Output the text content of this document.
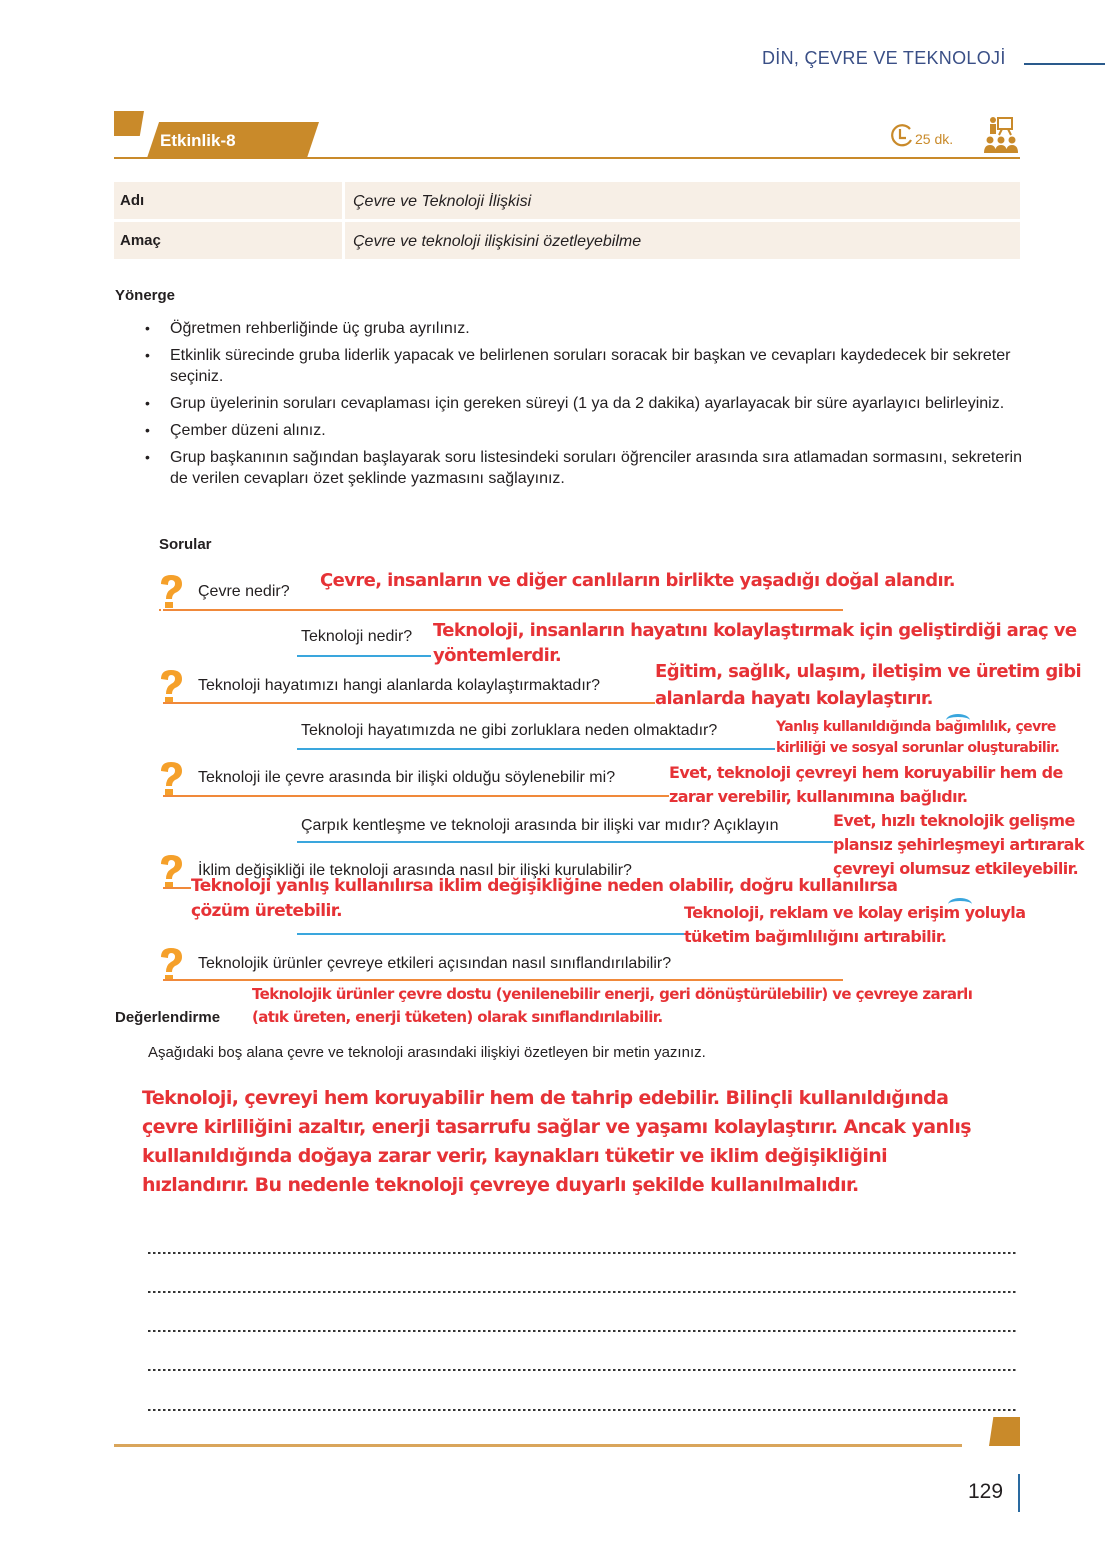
DİN, ÇEVRE VE TEKNOLOJİ
Etkinlik-8	25 dk.
Adı	Çevre ve Teknoloji İlişkisi
Amaç	Çevre ve teknoloji ilişkisini özetleyebilme
Yönerge
• Öğretmen rehberliğinde üç gruba ayrılınız.
• Etkinlik sürecinde gruba liderlik yapacak ve belirlenen soruları soracak bir başkan ve cevapları kaydedecek bir sekreter seçiniz.
• Grup üyelerinin soruları cevaplaması için gereken süreyi (1 ya da 2 dakika) ayarlayacak bir süre ayarlayıcı belirleyiniz.
• Çember düzeni alınız.
• Grup başkanının sağından başlayarak soru listesindeki soruları öğrenciler arasında sıra atlamadan sormasını, sekreterin de verilen cevapları özet şeklinde yazmasını sağlayınız.
Sorular
Çevre nedir?
Çevre, insanların ve diğer canlıların birlikte yaşadığı doğal alandır.
Teknoloji nedir? Teknoloji, insanların hayatını kolaylaştırmak için geliştirdiği araç ve
yöntemlerdir.
Teknoloji hayatımızı hangi alanlarda kolaylaştırmaktadır?
Eğitim, sağlık, ulaşım, iletişim ve üretim gibi
alanlarda hayatı kolaylaştırır.
Teknoloji hayatımızda ne gibi zorluklara neden olmaktadır?	Yanlış kullanıldığında bağımlılık, çevre
kirliliği ve sosyal sorunlar oluşturabilir.
Teknoloji ile çevre arasında bir ilişki olduğu söylenebilir mi?	Evet, teknoloji çevreyi hem koruyabilir hem de
zarar verebilir, kullanımına bağlıdır.
Çarpık kentleşme ve teknoloji arasında bir ilişki var mıdır? Açıklayın	Evet, hızlı teknolojik gelişme
plansız şehirleşmeyi artırarak
çevreyi olumsuz etkileyebilir.
İklim değişikliği ile teknoloji arasında nasıl bir ilişki kurulabilir?
Teknoloji yanlış kullanılırsa iklim değişikliğine neden olabilir, doğru kullanılırsa
çözüm üretebilir.	Teknoloji, reklam ve kolay erişim yoluyla
tüketim bağımlılığını artırabilir.
Teknolojik ürünler çevreye etkileri açısından nasıl sınıflandırılabilir?
Teknolojik ürünler çevre dostu (yenilenebilir enerji, geri dönüştürülebilir) ve çevreye zararlı
(atık üreten, enerji tüketen) olarak sınıflandırılabilir.
Değerlendirme
Aşağıdaki boş alana çevre ve teknoloji arasındaki ilişkiyi özetleyen bir metin yazınız.
Teknoloji, çevreyi hem koruyabilir hem de tahrip edebilir. Bilinçli kullanıldığında
çevre kirliliğini azaltır, enerji tasarrufu sağlar ve yaşamı kolaylaştırır. Ancak yanlış
kullanıldığında doğaya zarar verir, kaynakları tüketir ve iklim değişikliğini
hızlandırır. Bu nedenle teknoloji çevreye duyarlı şekilde kullanılmalıdır.
129
